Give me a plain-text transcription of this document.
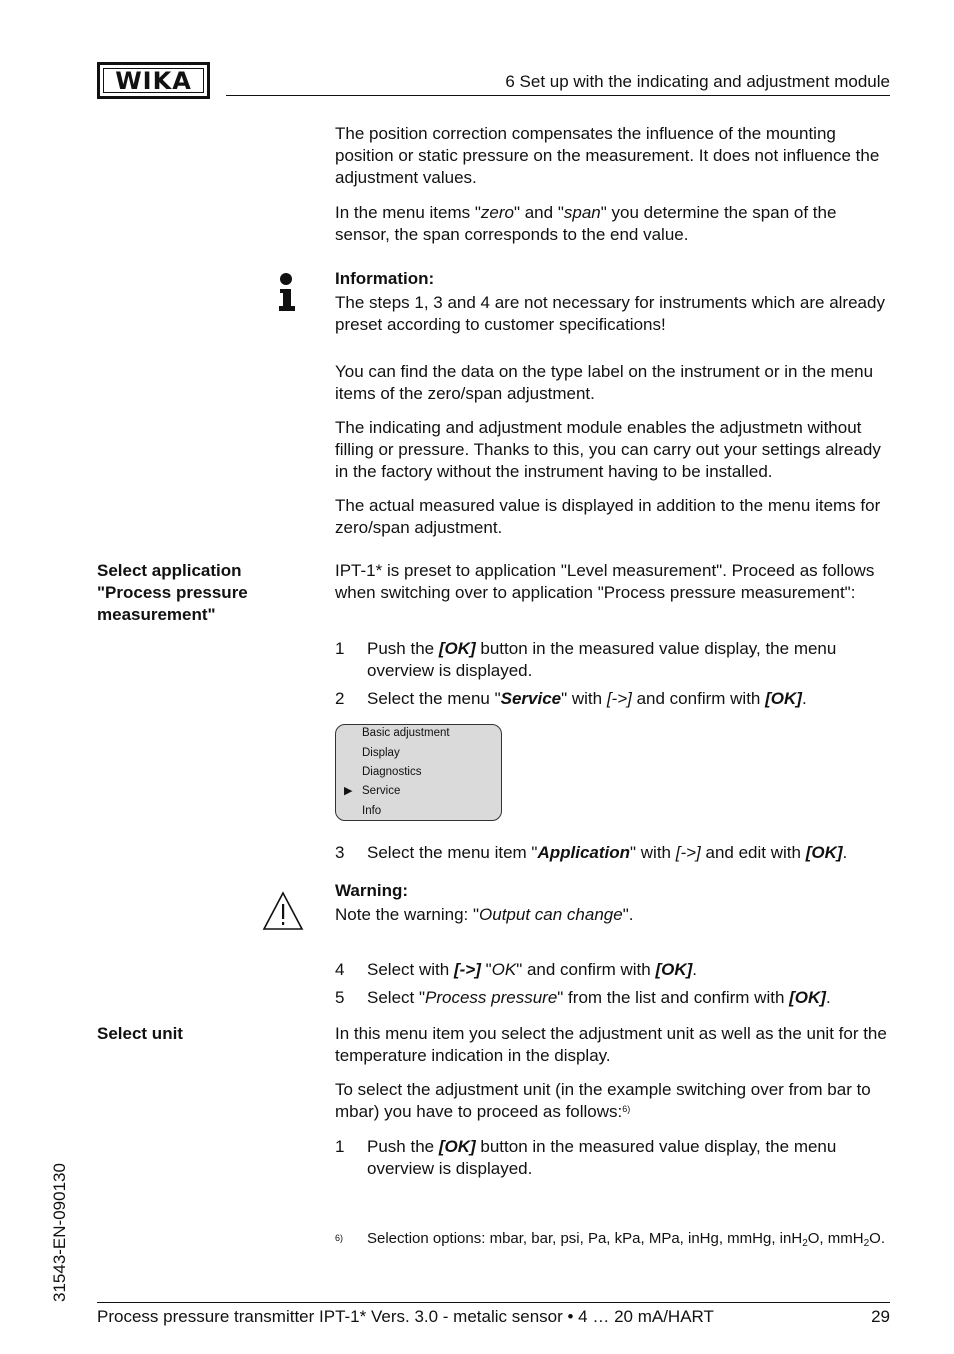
WIKA	6 Set up with the indicating and adjustment module

The position correction compensates the influence of the mounting position or static pressure on the measurement. It does not influence the adjustment values.

In the menu items "zero" and "span" you determine the span of the sensor, the span corresponds to the end value.

Information:

The steps 1, 3 and 4 are not necessary for instruments which are already preset according to customer specifications!

You can find the data on the type label on the instrument or in the menu items of the zero/span adjustment.

The indicating and adjustment module enables the adjustmetn without filling or pressure. Thanks to this, you can carry out your settings already in the factory without the instrument having to be installed.

The actual measured value is displayed in addition to the menu items for zero/span adjustment.

Select application "Process pressure measurement"

IPT-1* is preset to application "Level measurement". Proceed as follows when switching over to application "Process pressure measurement":

1	Push the [OK] button in the measured value display, the menu overview is displayed.
2	Select the menu "Service" with [->] and confirm with [OK].
Basic adjustment
Display
Diagnostics
▶ Service
Info
3	Select the menu item "Application" with [->] and edit with [OK].

Warning:

Note the warning: "Output can change".

4	Select with [->] "OK" and confirm with [OK].
5	Select "Process pressure" from the list and confirm with [OK].
Select unit	In this menu item you select the adjustment unit as well as the unit for the temperature indication in the display.

To select the adjustment unit (in the example switching over from bar to mbar) you have to proceed as follows:$^{6)}$

1	Push the [OK] button in the measured value display, the menu overview is displayed.
6) Selection options: mbar, bar, psi, Pa, kPa, MPa, inHg, mmHg, inH$_2$O, mmH$_2$O.
31543-EN-090130
Process pressure transmitter IPT-1* Vers. 3.0 - metalic sensor • 4 … 20 mA/HART	29
